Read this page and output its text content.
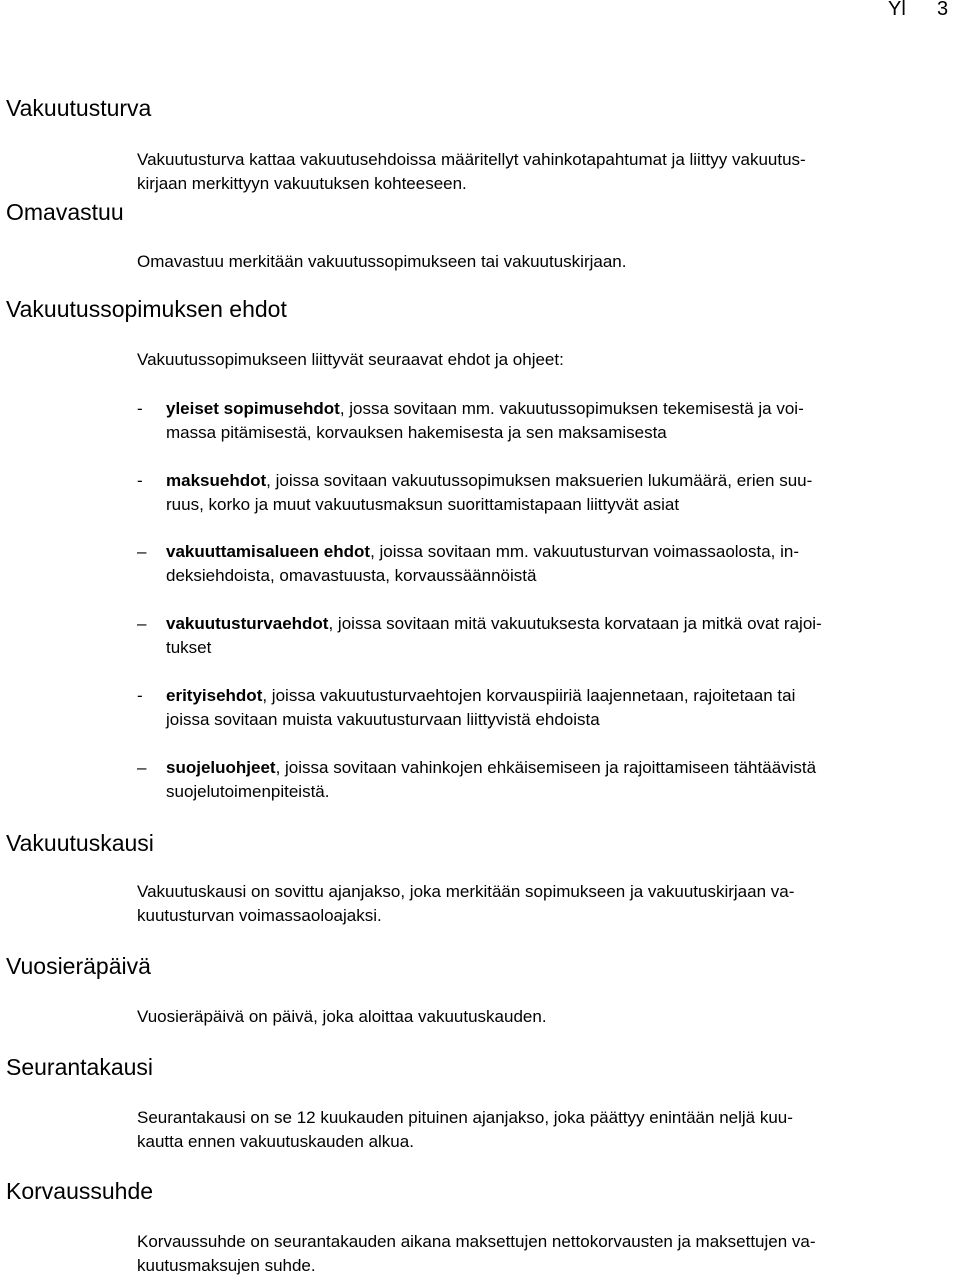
Yl 3
Vakuutusturva
Vakuutusturva kattaa vakuutusehdoissa määritellyt vahinkotapahtumat ja liittyy vakuutus-
kirjaan merkittyyn vakuutuksen kohteeseen.
Omavastuu
Omavastuu merkitään vakuutussopimukseen tai vakuutuskirjaan.
Vakuutussopimuksen ehdot
Vakuutussopimukseen liittyvät seuraavat ehdot ja ohjeet:
-	yleiset sopimusehdot, jossa sovitaan mm. vakuutussopimuksen tekemisestä ja voi-
massa pitämisestä, korvauksen hakemisesta ja sen maksamisesta
-	maksuehdot, joissa sovitaan vakuutussopimuksen maksuerien lukumäärä, erien suu-
ruus, korko ja muut vakuutusmaksun suorittamistapaan liittyvät asiat
–	vakuuttamisalueen ehdot, joissa sovitaan mm. vakuutusturvan voimassaolosta, in-
deksiehdoista, omavastuusta, korvaussäännöistä
–	vakuutusturvaehdot, joissa sovitaan mitä vakuutuksesta korvataan ja mitkä ovat rajoi-
tukset
-	erityisehdot, joissa vakuutusturvaehtojen korvauspiiriä laajennetaan, rajoitetaan tai
joissa sovitaan muista vakuutusturvaan liittyvistä ehdoista
–	suojeluohjeet, joissa sovitaan vahinkojen ehkäisemiseen ja rajoittamiseen tähtäävistä
suojelutoimenpiteistä.
Vakuutuskausi
Vakuutuskausi on sovittu ajanjakso, joka merkitään sopimukseen ja vakuutuskirjaan va-
kuutusturvan voimassaoloajaksi.
Vuosieräpäivä
Vuosieräpäivä on päivä, joka aloittaa vakuutuskauden.
Seurantakausi
Seurantakausi on se 12 kuukauden pituinen ajanjakso, joka päättyy enintään neljä kuu-
kautta ennen vakuutuskauden alkua.
Korvaussuhde
Korvaussuhde on seurantakauden aikana maksettujen nettokorvausten ja maksettujen va-
kuutusmaksujen suhde.
